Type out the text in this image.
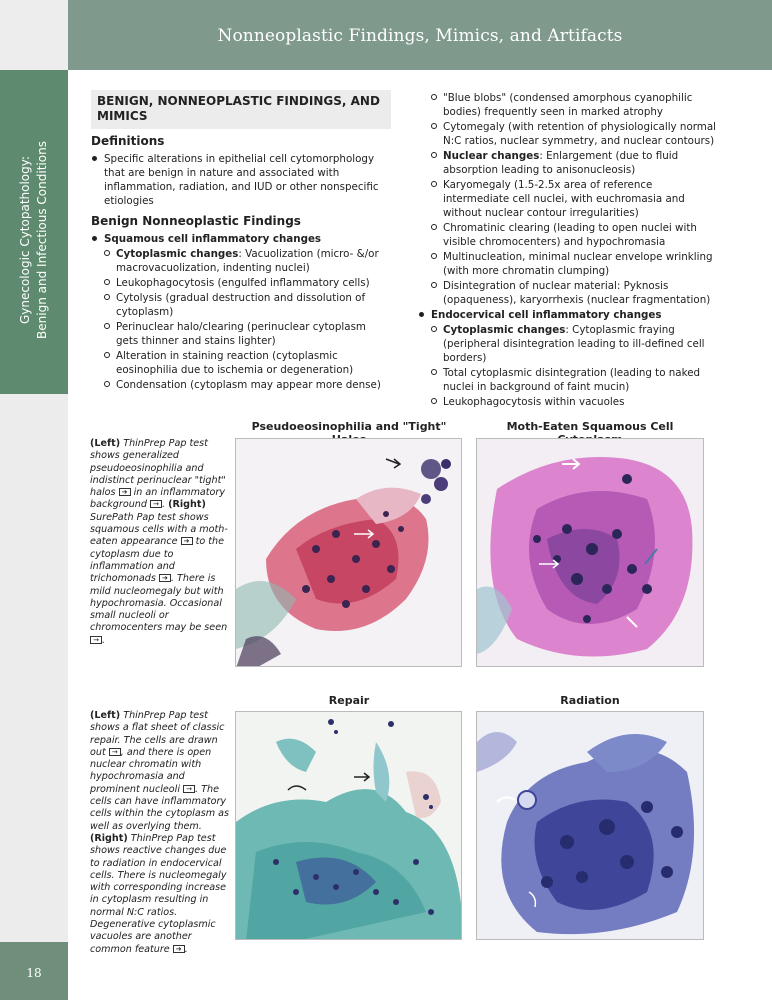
Nonneoplastic Findings, Mimics, and Artifacts
Gynecologic Cytopathology: Benign and Infectious Conditions
18
BENIGN, NONNEOPLASTIC FINDINGS, AND MIMICS
Definitions
Specific alterations in epithelial cell cytomorphology that are benign in nature and associated with inflammation, radiation, and IUD or other nonspecific etiologies
Benign Nonneoplastic Findings
Squamous cell inflammatory changes
Cytoplasmic changes: Vacuolization (micro- &/or macrovacuolization, indenting nuclei)
Leukophagocytosis (engulfed inflammatory cells)
Cytolysis (gradual destruction and dissolution of cytoplasm)
Perinuclear halo/clearing (perinuclear cytoplasm gets thinner and stains lighter)
Alteration in staining reaction (cytoplasmic eosinophilia due to ischemia or degeneration)
Condensation (cytoplasm may appear more dense)
"Blue blobs" (condensed amorphous cyanophilic bodies) frequently seen in marked atrophy
Cytomegaly (with retention of physiologically normal N:C ratios, nuclear symmetry, and nuclear contours)
Nuclear changes: Enlargement (due to fluid absorption leading to anisonucleosis)
Karyomegaly (1.5-2.5x area of reference intermediate cell nuclei, with euchromasia and without nuclear contour irregularities)
Chromatinic clearing (leading to open nuclei with visible chromocenters) and hypochromasia
Multinucleation, minimal nuclear envelope wrinkling (with more chromatin clumping)
Disintegration of nuclear material: Pyknosis (opaqueness), karyorrhexis (nuclear fragmentation)
Endocervical cell inflammatory changes
Cytoplasmic changes: Cytoplasmic fraying (peripheral disintegration leading to ill-defined cell borders)
Total cytoplasmic disintegration (leading to naked nuclei in background of faint mucin)
Leukophagocytosis within vacuoles
Pseudoeosinophilia and "Tight"	Moth-Eaten Squamous Cell
(Left) ThinPrep Pap test shows generalized pseudoeosinophilia and indistinct perinuclear "tight" halos ➔ in an inflammatory background → . (Right) SurePath Pap test shows squamous cells with a moth-eaten appearance ➔ to the cytoplasm due to inflammation and trichomonads ➔ . There is mild nucleomegaly but with hypochromasia. Occasional small nucleoli or chromocenters may be seen → .
Repair	Radiation
(Left) ThinPrep Pap test shows a flat sheet of classic repair. The cells are drawn out → , and there is open nuclear chromatin with hypochromasia and prominent nucleoli → . The cells can have inflammatory cells within the cytoplasm as well as overlying them. (Right) ThinPrep Pap test shows reactive changes due to radiation in endocervical cells. There is nucleomegaly with corresponding increase in cytoplasm resulting in normal N:C ratios. Degenerative cytoplasmic vacuoles are another common feature ➔ .
